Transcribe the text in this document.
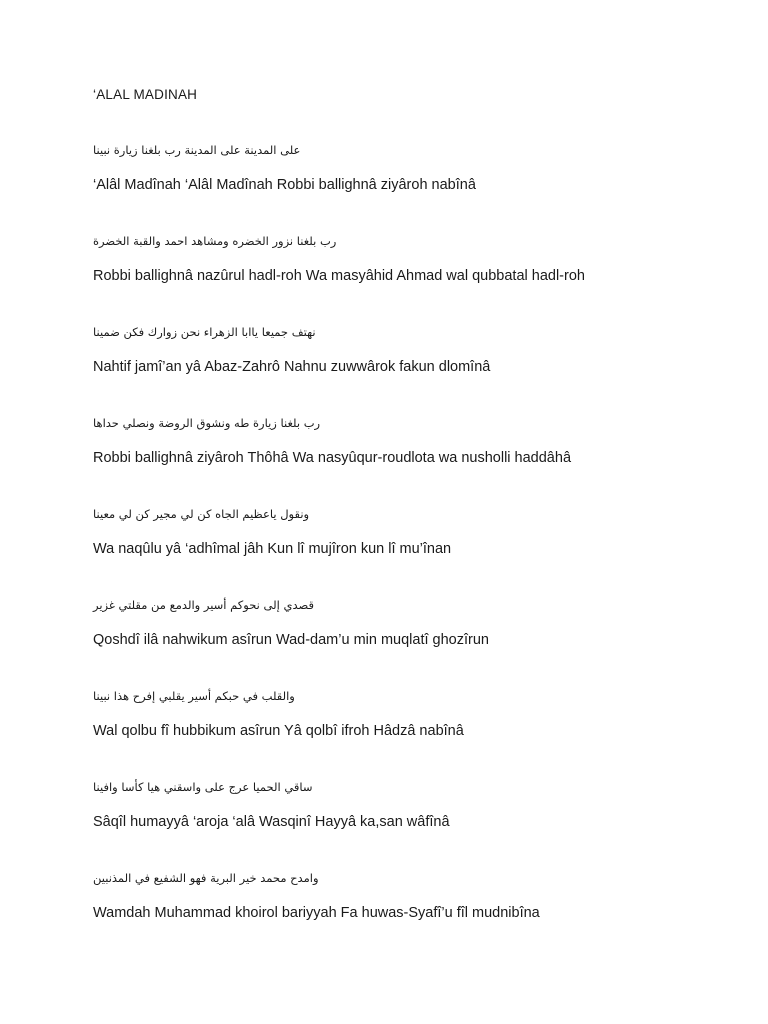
‘ALAL MADINAH
على المدينة على المدينة رب بلغنا زيارة نبينا
‘Alâl Madînah ‘Alâl Madînah Robbi ballighnâ ziyâroh nabînâ
رب بلغنا نزور الخضره ومشاهد احمد والقبة الخضرة
Robbi ballighnâ nazûrul hadl-roh Wa masyâhid Ahmad wal qubbatal hadl-roh
نهتف جميعا ياابا الزهراء نحن زوارك فكن ضمينا
Nahtif jamî’an yâ Abaz-Zahrô Nahnu zuwwârok fakun dlomînâ
رب بلغنا زيارة طه ونشوق الروضة ونصلي حداها
Robbi ballighnâ ziyâroh Thôhâ Wa nasyûqur-roudlota wa nusholli haddâhâ
ونقول ياعظيم الجاه كن لي مجير كن لي معينا
Wa naqûlu yâ ‘adhîmal jâh Kun lî mujîron kun lî mu’înan
قصدي إلى نحوكم أسير والدمع من مقلتي غزير
Qoshdî ilâ nahwikum asîrun Wad-dam’u min muqlatî ghozîrun
والقلب في حبكم أسير يقلبي إفرح هذا نبينا
Wal qolbu fî hubbikum asîrun Yâ qolbî ifroh Hâdzâ nabînâ
ساقي الحميا عرج على واسقني هيا كأسا وافينا
Sâqîl humayyâ ‘aroja ‘alâ Wasqinî Hayyâ ka,san wâfînâ
وامدح محمد خير البرية فهو الشفيع في المذنبين
Wamdah Muhammad khoirol bariyyah Fa huwas-Syafî’u fîl mudnibîna
